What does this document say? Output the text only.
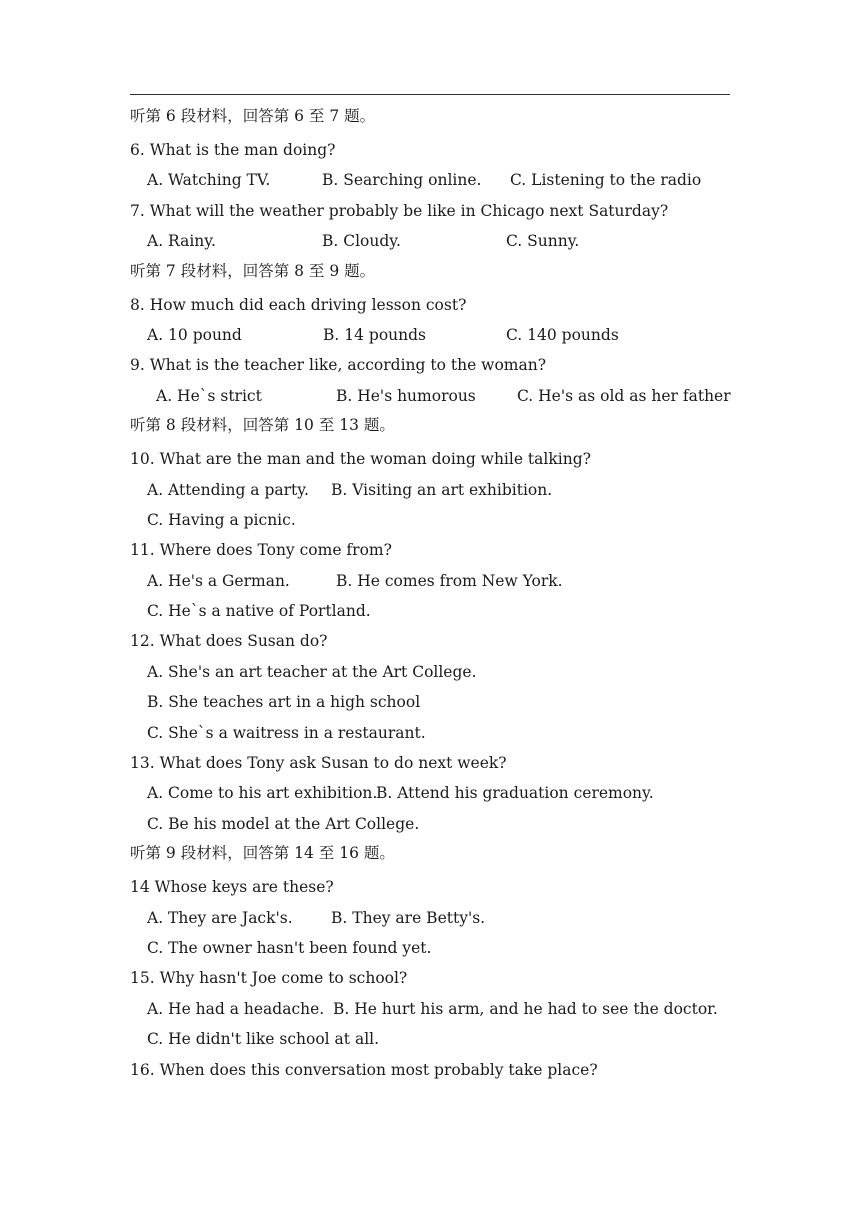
听第 6 段材料，回答第 6 至 7 题。
6. What is the man doing?
A. Watching TV.	B. Searching online.	C. Listening to the radio
7. What will the weather probably be like in Chicago next Saturday?
A. Rainy.	B. Cloudy.	C. Sunny.
听第 7 段材料，回答第 8 至 9 题。
8. How much did each driving lesson cost?
A. 10 pound	B. 14 pounds	C. 140 pounds
9. What is the teacher like, according to the woman?
A. He`s strict	B. He's humorous	C. He's as old as her father
听第 8 段材料，回答第 10 至 13 题。
10. What are the man and the woman doing while talking?
A. Attending a party.	B. Visiting an art exhibition.
C. Having a picnic.
11. Where does Tony come from?
A. He's a German.	B. He comes from New York.
C. He`s a native of Portland.
12. What does Susan do?
A. She's an art teacher at the Art College.
B. She teaches art in a high school
C. She`s a waitress in a restaurant.
13. What does Tony ask Susan to do next week?
A. Come to his art exhibition.
B. Attend his graduation ceremony.
C. Be his model at the Art College.
听第 9 段材料，回答第 14 至 16 题。
14 Whose keys are these?
A. They are Jack's.	B. They are Betty's.
C. The owner hasn't been found yet.
15. Why hasn't Joe come to school?
A. He had a headache. B. He hurt his arm, and he had to see the doctor.
C. He didn't like school at all.
16. When does this conversation most probably take place?
